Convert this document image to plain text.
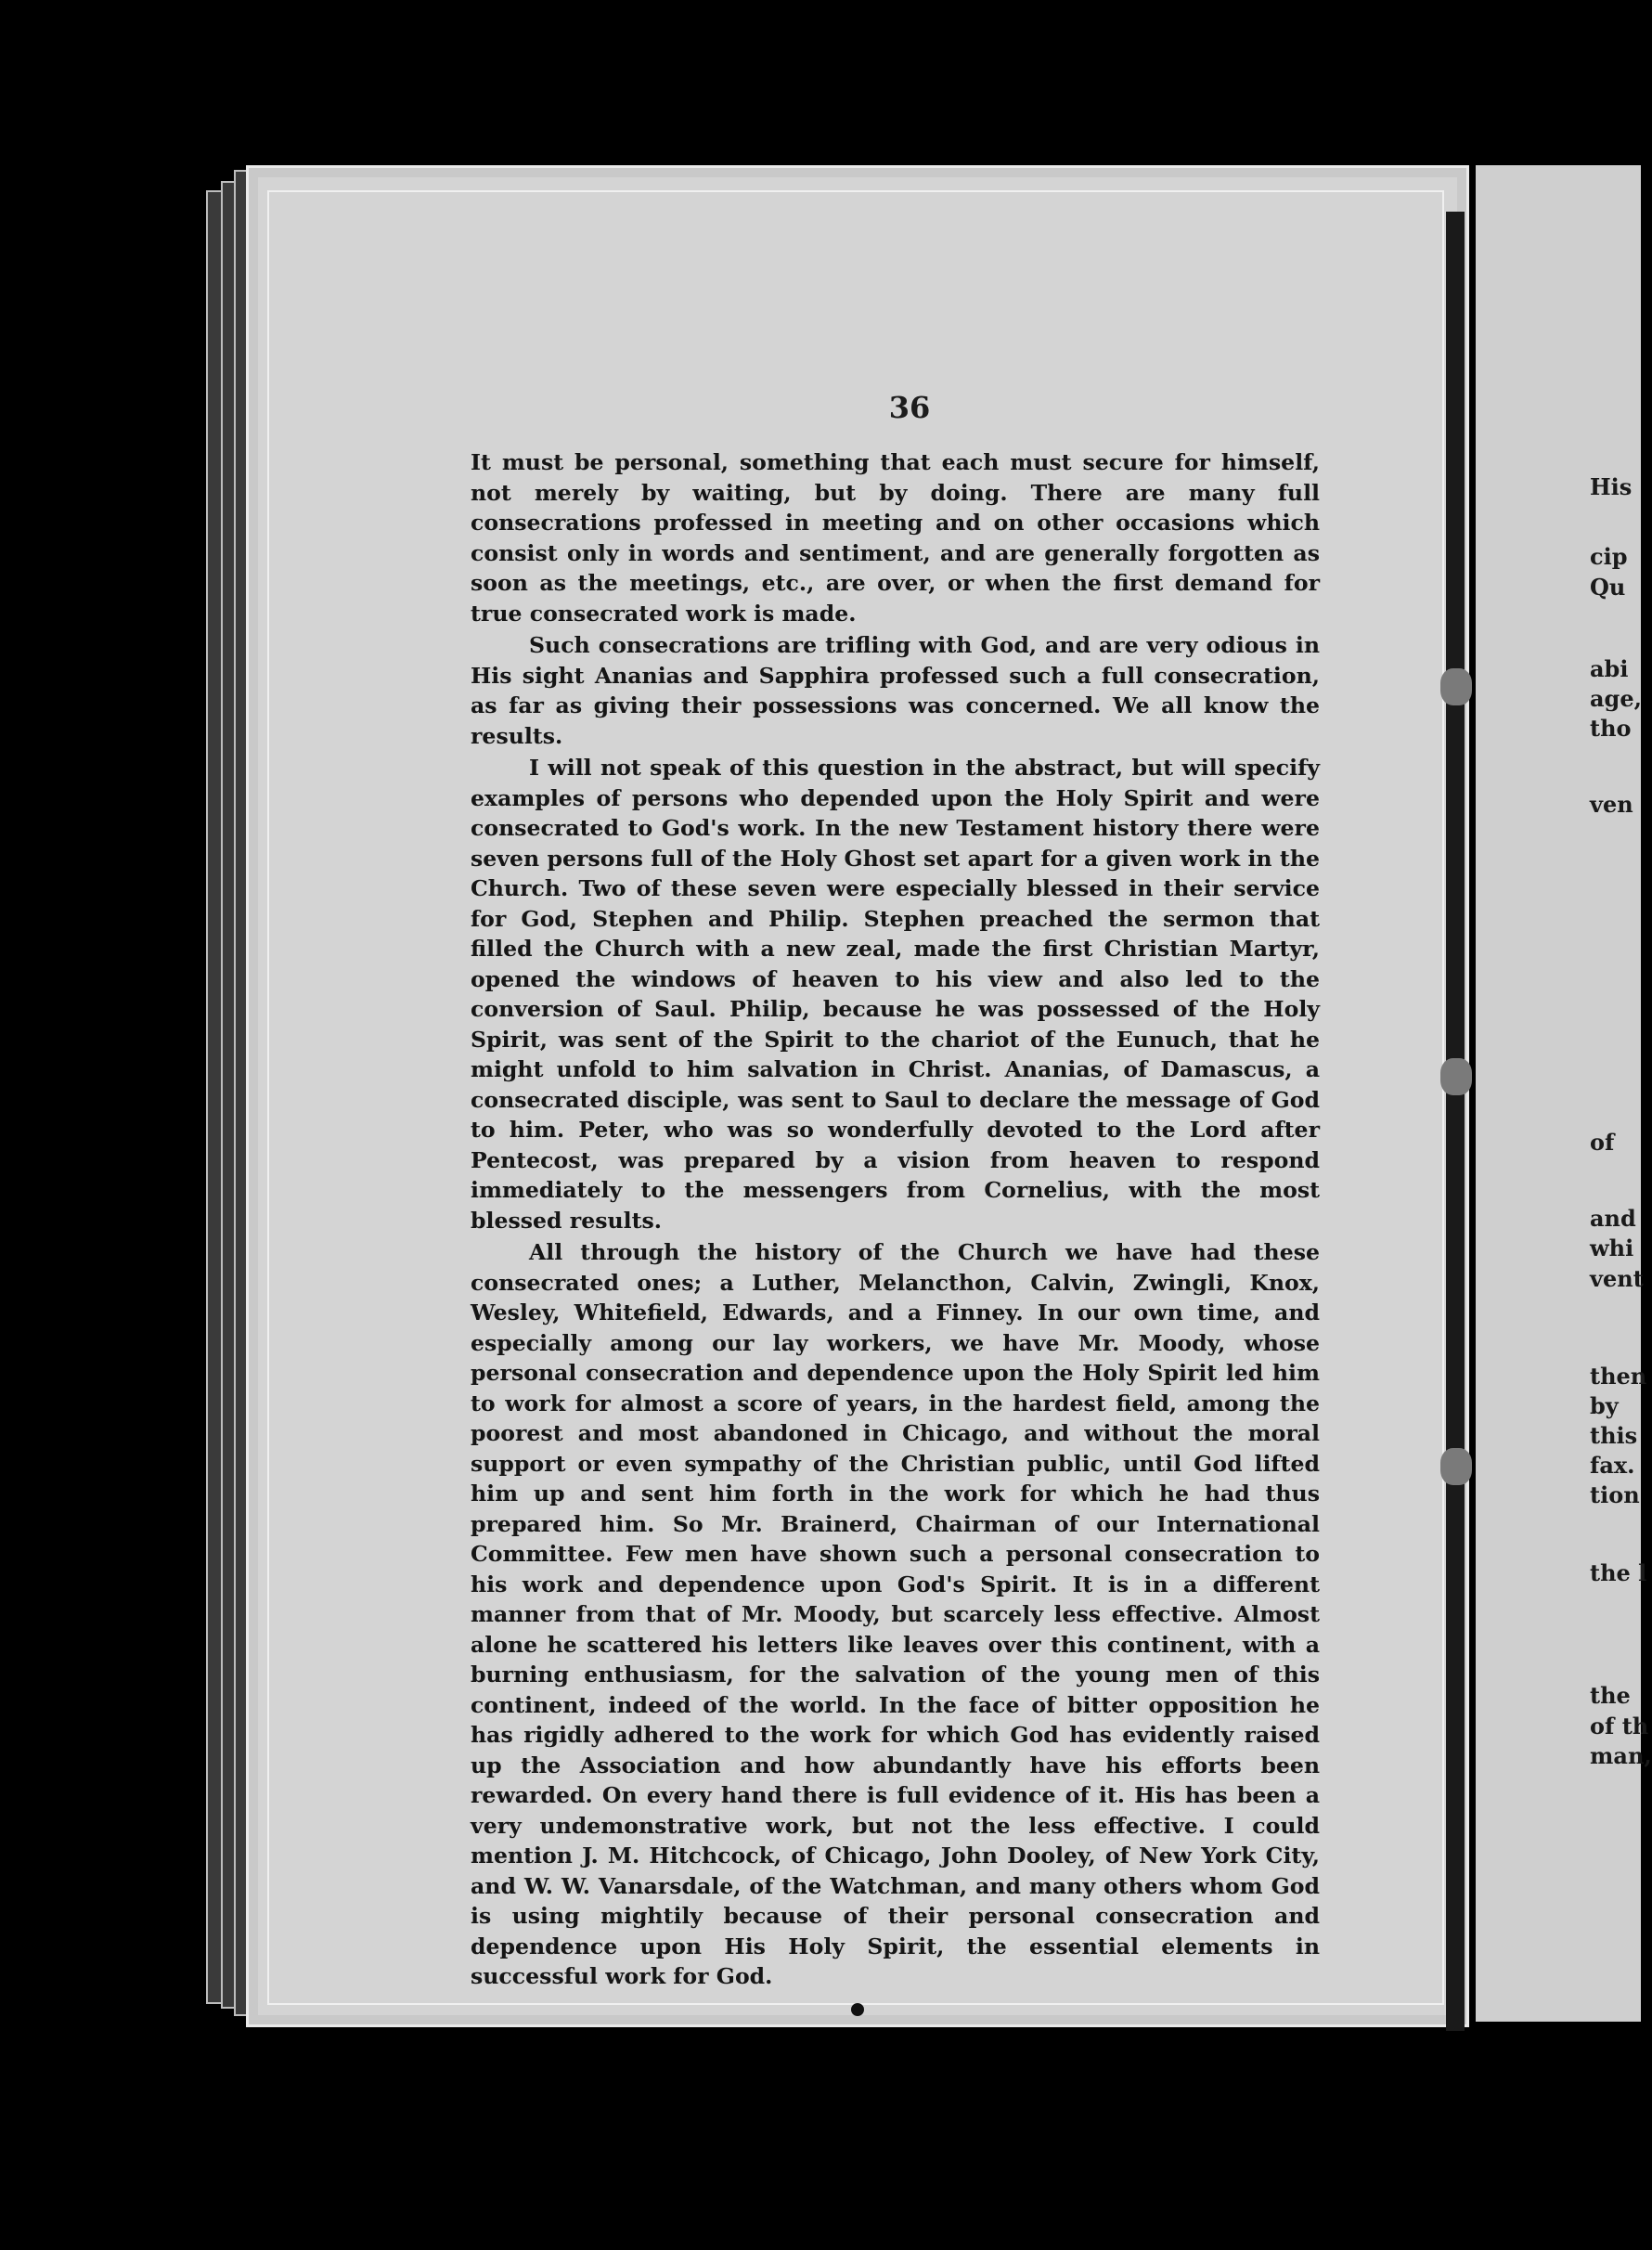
His
cip
Qu
abi
age,
tho
ven
of
and
whi
vent
then
by
this
fax.
tion
the l
the
of th
man,
36

It must be personal, something that each must secure for himself, not merely by waiting, but by doing. There are many full consecrations professed in meeting and on other occasions which consist only in words and sentiment, and are generally forgotten as soon as the meetings, etc., are over, or when the first demand for true consecrated work is made.

Such consecrations are trifling with God, and are very odious in His sight Ananias and Sapphira professed such a full consecration, as far as giving their possessions was concerned. We all know the results.

I will not speak of this question in the abstract, but will specify examples of persons who depended upon the Holy Spirit and were consecrated to God's work. In the new Testament history there were seven persons full of the Holy Ghost set apart for a given work in the Church. Two of these seven were especially blessed in their service for God, Stephen and Philip. Stephen preached the sermon that filled the Church with a new zeal, made the first Christian Martyr, opened the windows of heaven to his view and also led to the conversion of Saul. Philip, because he was possessed of the Holy Spirit, was sent of the Spirit to the chariot of the Eunuch, that he might unfold to him salvation in Christ. Ananias, of Damascus, a consecrated disciple, was sent to Saul to declare the message of God to him. Peter, who was so wonderfully devoted to the Lord after Pentecost, was prepared by a vision from heaven to respond immediately to the messengers from Cornelius, with the most blessed results.

All through the history of the Church we have had these consecrated ones; a Luther, Melancthon, Calvin, Zwingli, Knox, Wesley, Whitefield, Edwards, and a Finney. In our own time, and especially among our lay workers, we have Mr. Moody, whose personal consecration and dependence upon the Holy Spirit led him to work for almost a score of years, in the hardest field, among the poorest and most abandoned in Chicago, and without the moral support or even sympathy of the Christian public, until God lifted him up and sent him forth in the work for which he had thus prepared him. So Mr. Brainerd, Chairman of our International Committee. Few men have shown such a personal consecration to his work and dependence upon God's Spirit. It is in a different manner from that of Mr. Moody, but scarcely less effective. Almost alone he scattered his letters like leaves over this continent, with a burning enthusiasm, for the salvation of the young men of this continent, indeed of the world. In the face of bitter opposition he has rigidly adhered to the work for which God has evidently raised up the Association and how abundantly have his efforts been rewarded. On every hand there is full evidence of it. His has been a very undemonstrative work, but not the less effective. I could mention J. M. Hitchcock, of Chicago, John Dooley, of New York City, and W. W. Vanarsdale, of the Watchman, and many others whom God is using mightily because of their personal consecration and dependence upon His Holy Spirit, the essential elements in successful work for God.
